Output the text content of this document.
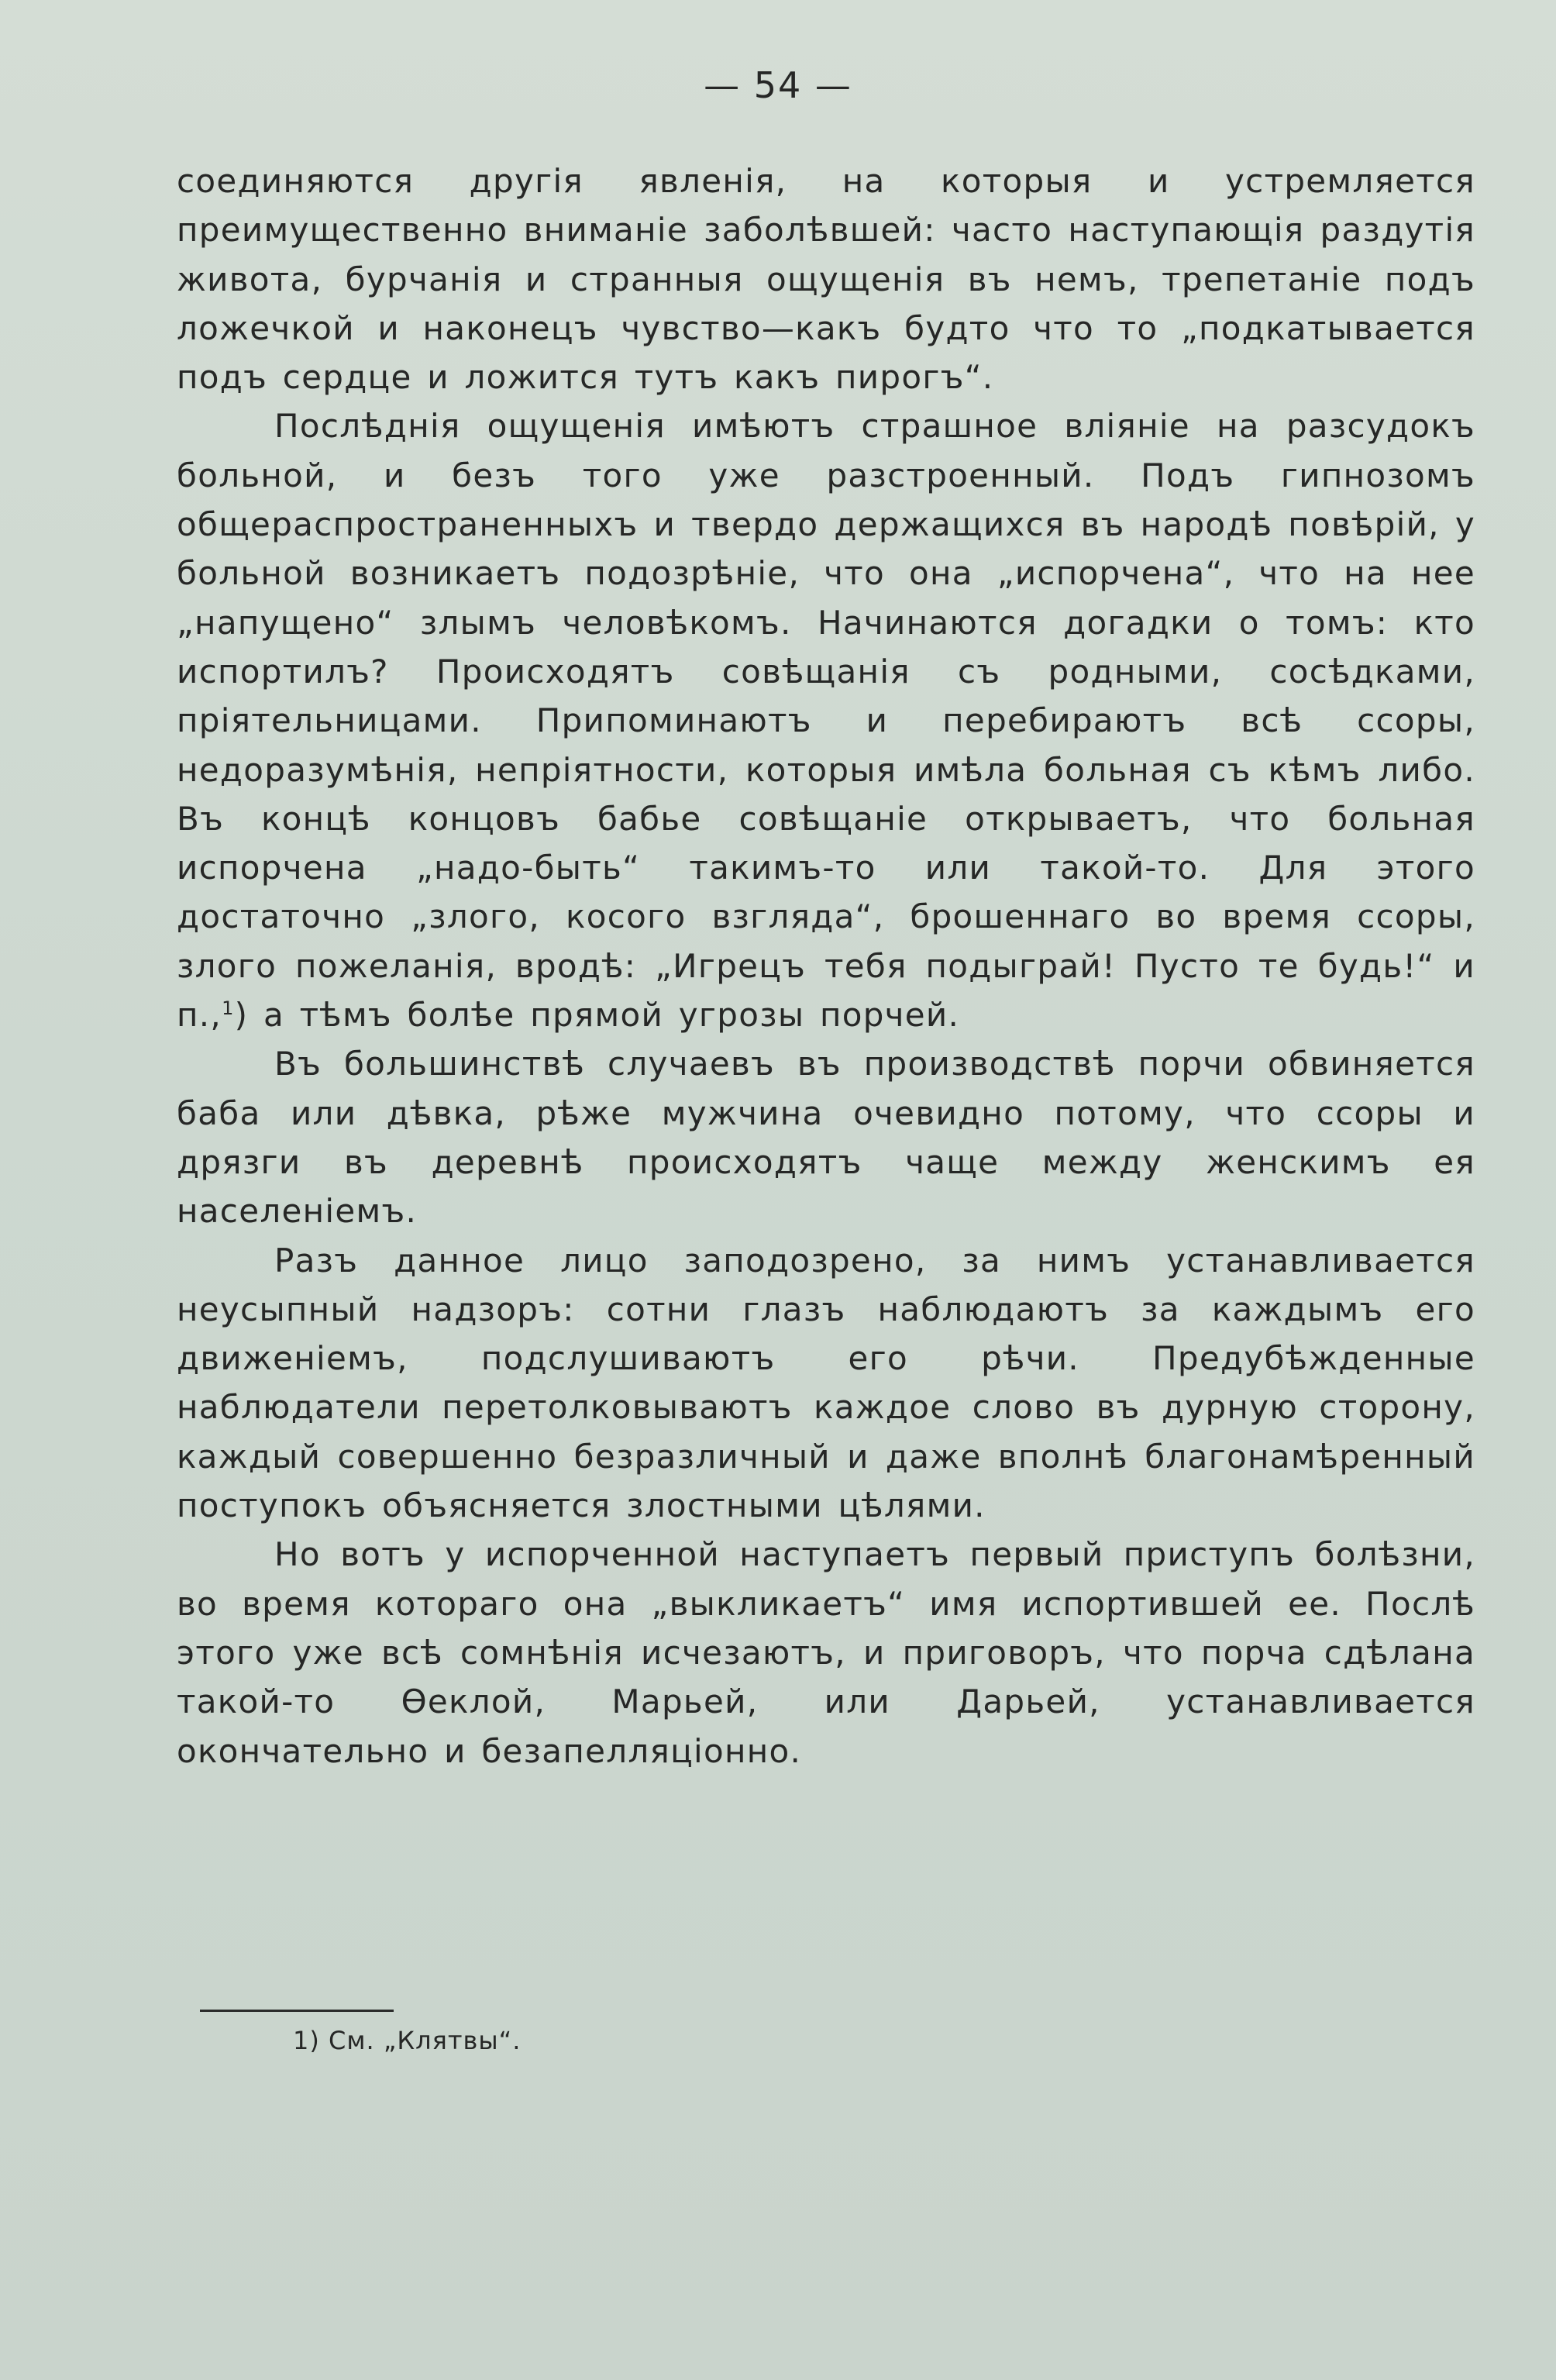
— 54 —

соединяются другія явленія, на которыя и устремляется преимущественно вниманіе заболѣвшей: часто наступающія раздутія живота, бурчанія и странныя ощущенія въ немъ, трепетаніе подъ ложечкой и наконецъ чувство—какъ будто что то „подкатывается подъ сердце и ложится тутъ какъ пирогъ“.

Послѣднія ощущенія имѣютъ страшное вліяніе на разсудокъ больной, и безъ того уже разстроенный. Подъ гипнозомъ общераспространенныхъ и твердо держащихся въ народѣ повѣрій, у больной возникаетъ подозрѣніе, что она „испорчена“, что на нее „напущено“ злымъ человѣкомъ. Начинаются догадки о томъ: кто испортилъ? Происходятъ совѣщанія съ родными, сосѣдками, пріятельницами. Припоминаютъ и перебираютъ всѣ ссоры, недоразумѣнія, непріятности, которыя имѣла больная съ кѣмъ либо. Въ концѣ концовъ бабье совѣщаніе открываетъ, что больная испорчена „надо-быть“ такимъ-то или такой-то. Для этого достаточно „злого, косого взгляда“, брошеннаго во время ссоры, злого пожеланія, вродѣ: „Игрецъ тебя подыграй! Пусто те будь!“ и п.,$^1$) а тѣмъ болѣе прямой угрозы порчей.

Въ большинствѣ случаевъ въ производствѣ порчи обвиняется баба или дѣвка, рѣже мужчина очевидно потому, что ссоры и дрязги въ деревнѣ происходятъ чаще между женскимъ ея населеніемъ.

Разъ данное лицо заподозрено, за нимъ устанавливается неусыпный надзоръ: сотни глазъ наблюдаютъ за каждымъ его движеніемъ, подслушиваютъ его рѣчи. Предубѣжденные наблюдатели перетолковываютъ каждое слово въ дурную сторону, каждый совершенно безразличный и даже вполнѣ благонамѣренный поступокъ объясняется злостными цѣлями.

Но вотъ у испорченной наступаетъ первый приступъ болѣзни, во время котораго она „выкликаетъ“ имя испортившей ее. Послѣ этого уже всѣ сомнѣнія исчезаютъ, и приговоръ, что порча сдѣлана такой-то Ѳеклой, Марьей, или Дарьей, устанавливается окончательно и безапелляціонно.

1) См. „Клятвы“.
